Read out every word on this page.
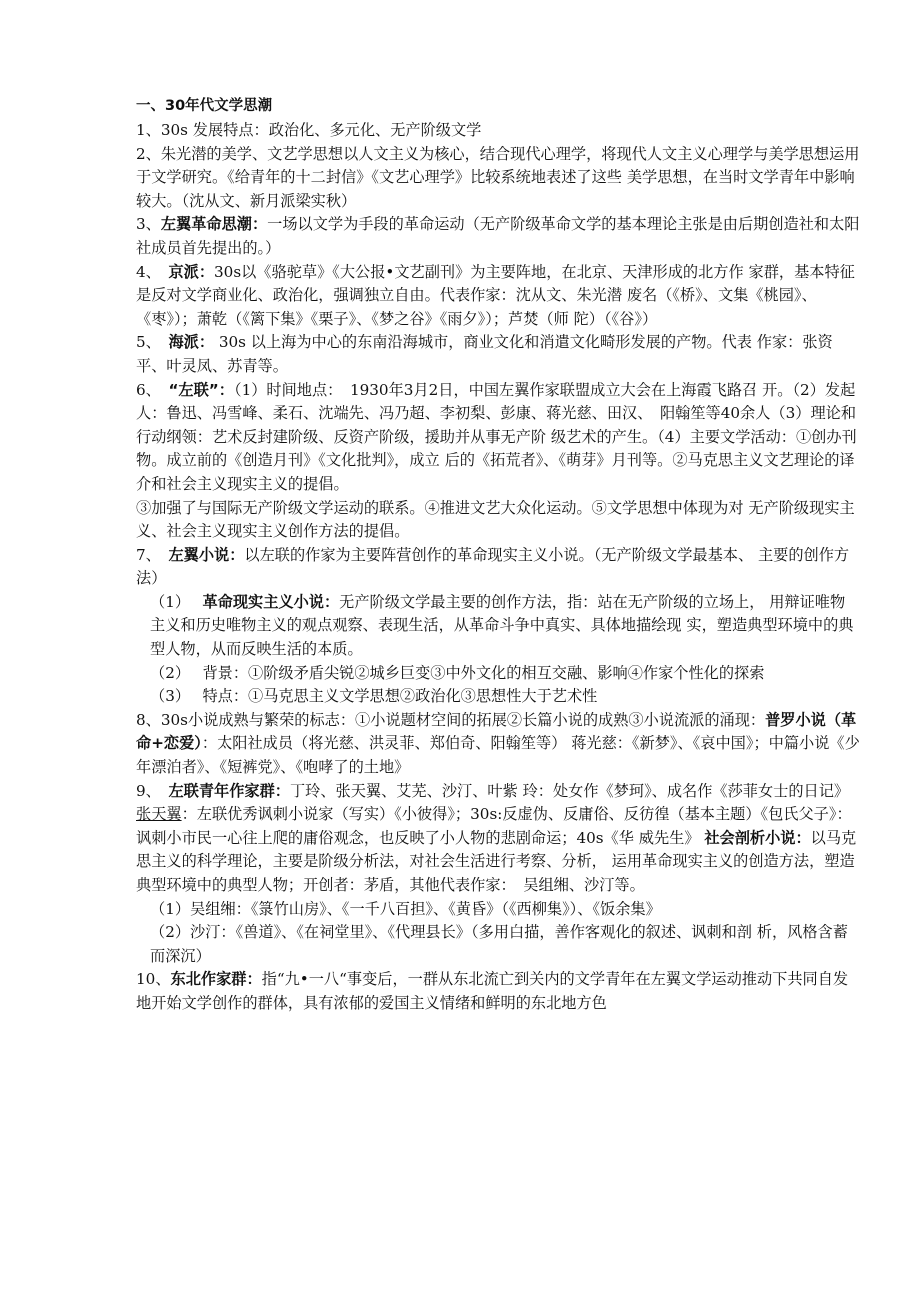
一、30年代文学思潮

1、30s 发展特点：政治化、多元化、无产阶级文学

2、朱光潜的美学、文艺学思想以人文主义为核心，结合现代心理学，将现代人文主义心理学与美学思想运用于文学研究。《给青年的十二封信》《文艺心理学》比较系统地表述了这些 美学思想，在当时文学青年中影响较大。（沈从文、新月派梁实秋）

3、左翼革命思潮：一场以文学为手段的革命运动（无产阶级革命文学的基本理论主张是由后期创造社和太阳社成员首先提出的。）

4、　京派：30s以《骆驼草》《大公报•文艺副刊》为主要阵地，在北京、天津形成的北方作 家群，基本特征是反对文学商业化、政治化，强调独立自由。代表作家：沈从文、朱光潜 废名（《桥》、文集《桃园》、《枣》）；萧乾（《篱下集》《栗子》、《梦之谷》《雨夕》）；芦焚（师 陀）（《谷》）

5、　海派： 30s 以上海为中心的东南沿海城市，商业文化和消遣文化畸形发展的产物。代表 作家：张资平、叶灵凤、苏青等。

6、　“左联”：（1）时间地点：　1930年3月2日，中国左翼作家联盟成立大会在上海霞飞路召 开。（2）发起人：鲁迅、冯雪峰、柔石、沈端先、冯乃超、李初梨、彭康、蒋光慈、田汉、　阳翰笙等40余人（3）理论和行动纲领：艺术反封建阶级、反资产阶级，援助并从事无产阶 级艺术的产生。（4）主要文学活动：①创办刊物。成立前的《创造月刊》《文化批判》，成立 后的《拓荒者》、《萌芽》月刊等。②马克思主义文艺理论的译介和社会主义现实主义的提倡。

③加强了与国际无产阶级文学运动的联系。④推进文艺大众化运动。⑤文学思想中体现为对 无产阶级现实主义、社会主义现实主义创作方法的提倡。

7、　左翼小说：以左联的作家为主要阵营创作的革命现实主义小说。（无产阶级文学最基本、 主要的创作方法）

（1）　 革命现实主义小说：无产阶级文学最主要的创作方法，指：站在无产阶级的立场上， 用辩证唯物主义和历史唯物主义的观点观察、表现生活，从革命斗争中真实、具体地描绘现 实，塑造典型环境中的典型人物，从而反映生活的本质。

（2）　 背景：①阶级矛盾尖锐②城乡巨变③中外文化的相互交融、影响④作家个性化的探索

（3）　 特点：①马克思主义文学思想②政治化③思想性大于艺术性

8、30s小说成熟与繁荣的标志：①小说题材空间的拓展②长篇小说的成熟③小说流派的涌现：普罗小说（革命+恋爱）：太阳社成员（将光慈、洪灵菲、郑伯奇、阳翰笙等） 蒋光慈：《新梦》、《哀中国》；中篇小说《少年漂泊者》、《短裤党》、《咆哮了的土地》

9、　左联青年作家群：丁玲、张天翼、艾芜、沙汀、叶紫 玲：处女作《梦珂》、成名作《莎菲女士的日记》

张天翼：左联优秀讽刺小说家（写实）《小彼得》；30s:反虚伪、反庸俗、反彷徨（基本主题）《包氏父子》：讽刺小市民一心往上爬的庸俗观念，也反映了小人物的悲剧命运；40s《华 威先生》 社会剖析小说：以马克思主义的科学理论，主要是阶级分析法，对社会生活进行考察、分析， 运用革命现实主义的创造方法，塑造典型环境中的典型人物；开创者：茅盾，其他代表作家：　吴组缃、沙汀等。

（1）吴组缃：《箓竹山房》、《一千八百担》、《黄昏》（《西柳集》）、《饭余集》

（2）沙汀：《兽道》、《在祠堂里》、《代理县长》（多用白描，善作客观化的叙述、讽刺和剖 析，风格含蓄而深沉）

10、东北作家群：指“九•一八“事变后，一群从东北流亡到关内的文学青年在左翼文学运动推动下共同自发地开始文学创作的群体，具有浓郁的爱国主义情绪和鲜明的东北地方色
